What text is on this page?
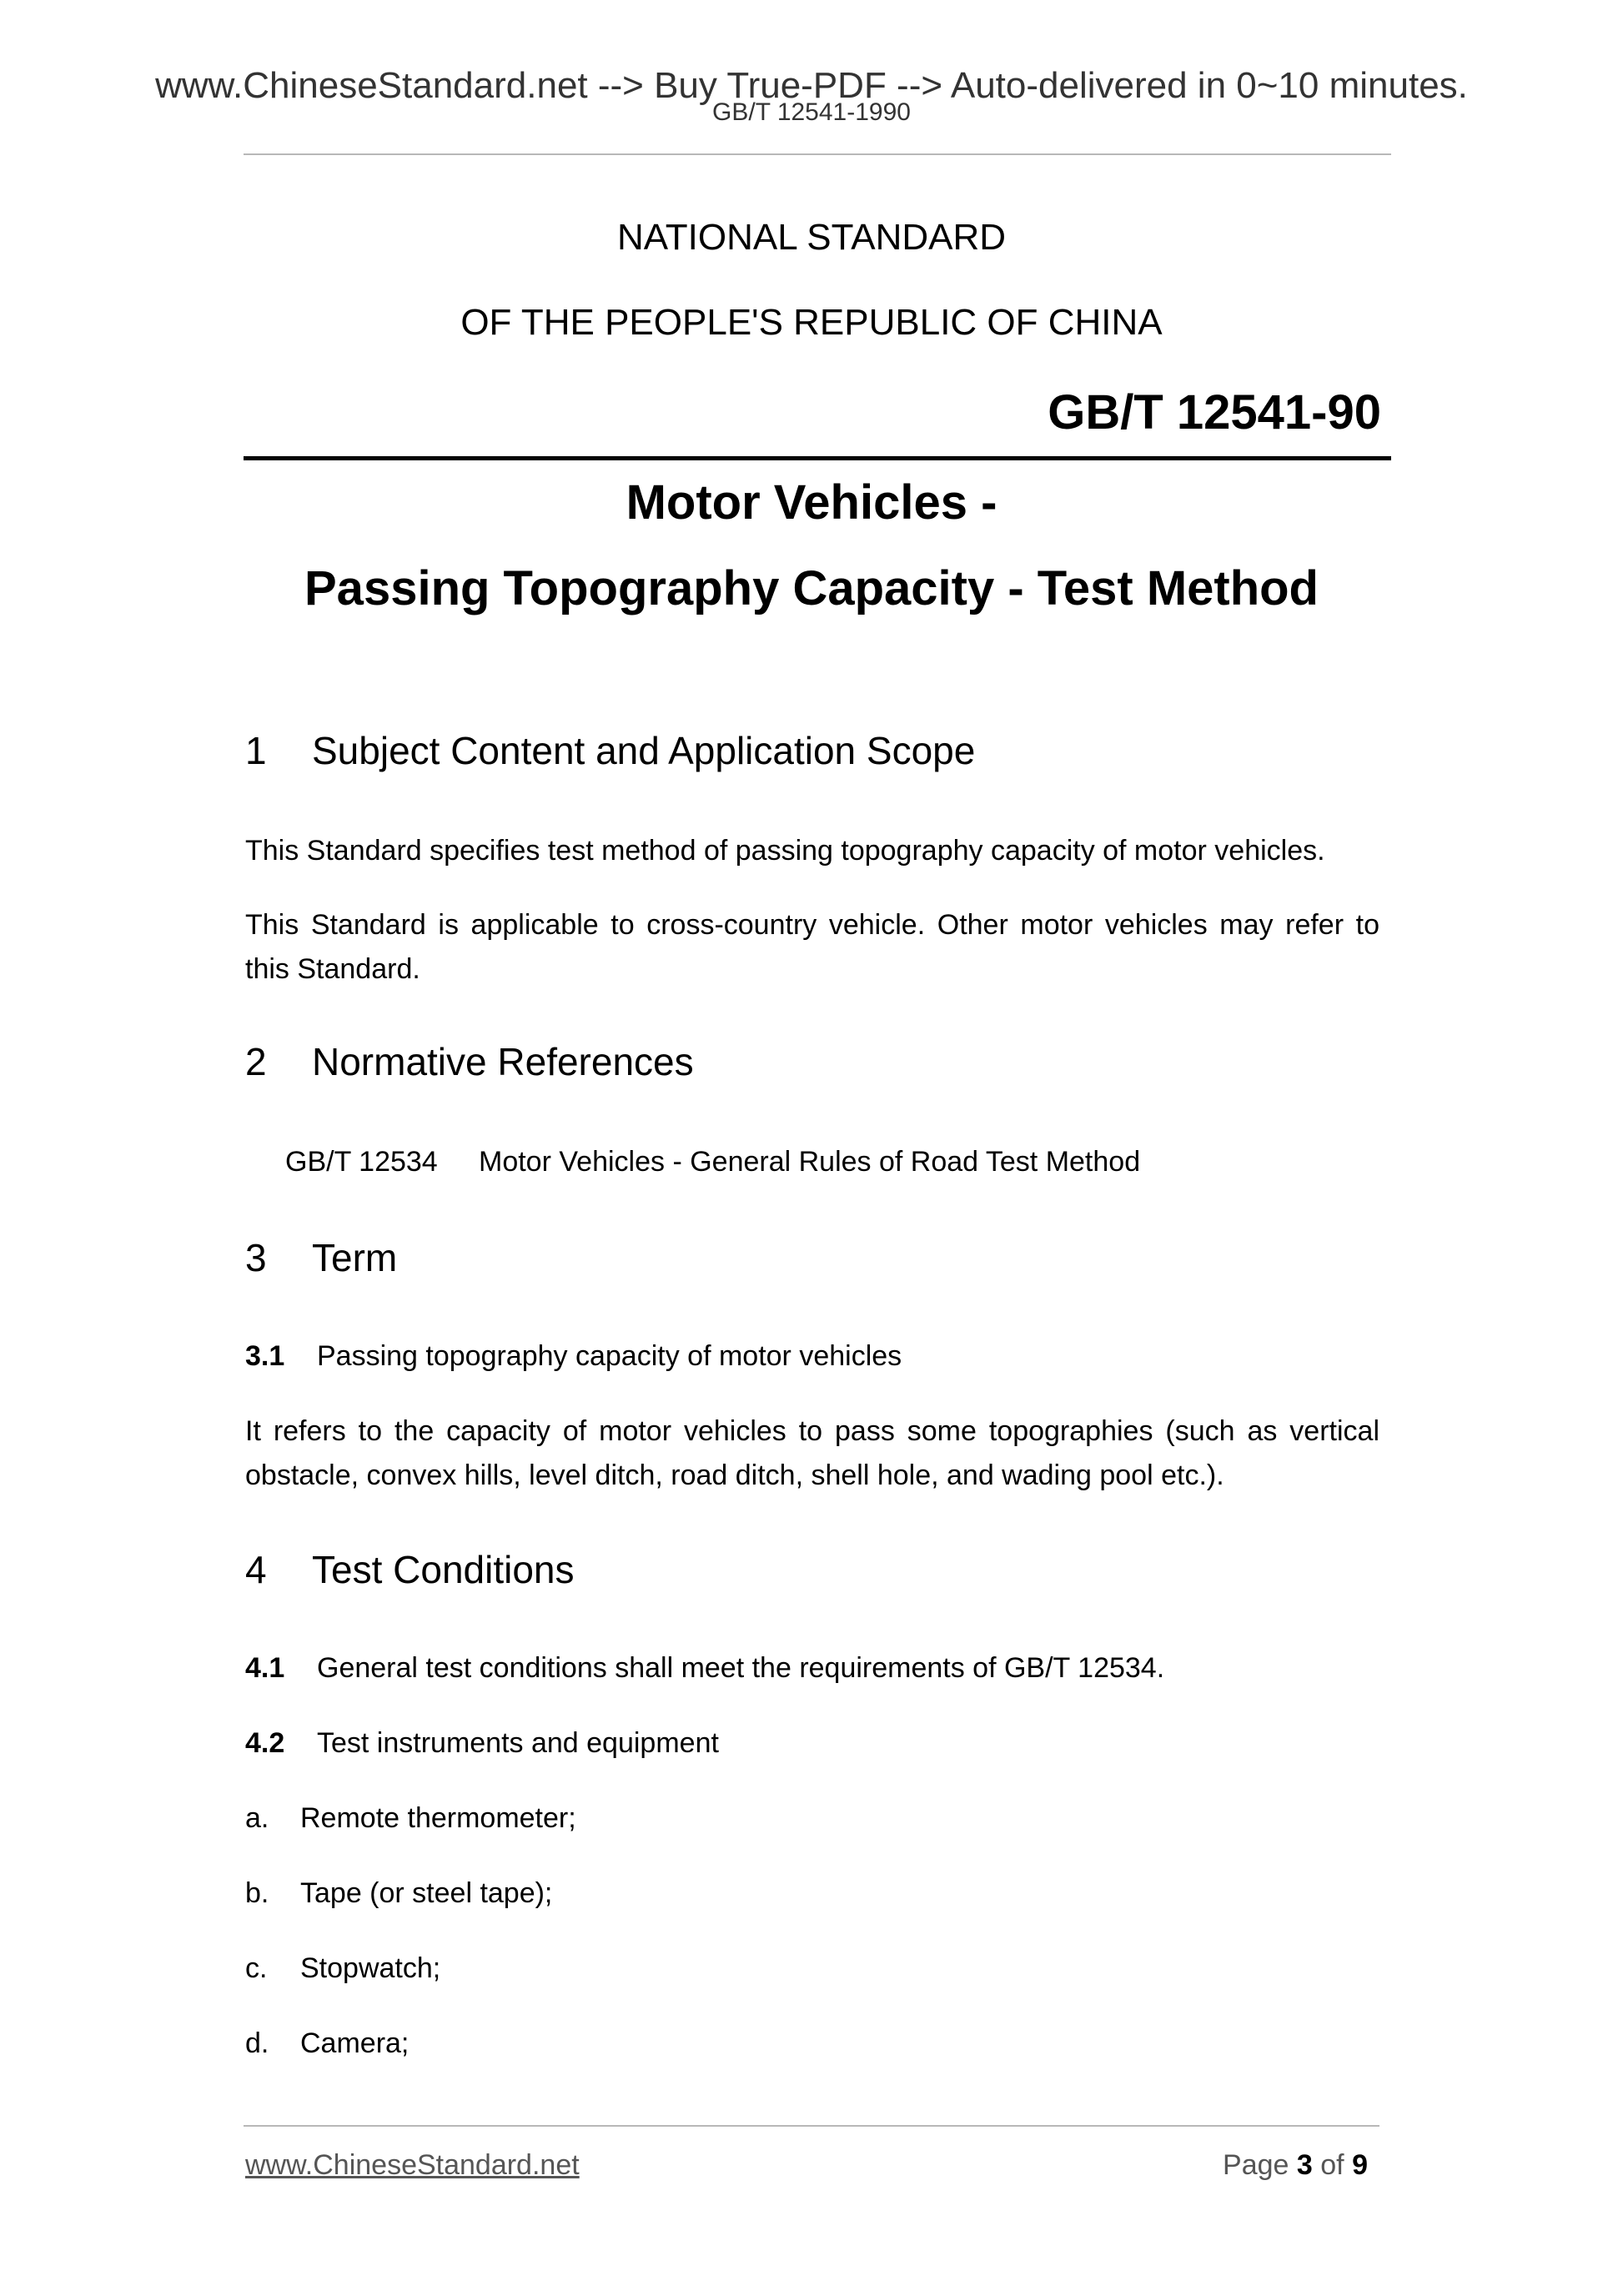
www.ChineseStandard.net --> Buy True-PDF --> Auto-delivered in 0~10 minutes.
GB/T 12541-1990
NATIONAL STANDARD
OF THE PEOPLE'S REPUBLIC OF CHINA
GB/T 12541-90
Motor Vehicles -
Passing Topography Capacity - Test Method
1 Subject Content and Application Scope
This Standard specifies test method of passing topography capacity of motor vehicles.
This Standard is applicable to cross-country vehicle. Other motor vehicles may refer to this Standard.
2 Normative References
GB/T 12534 Motor Vehicles - General Rules of Road Test Method
3 Term
3.1 Passing topography capacity of motor vehicles
It refers to the capacity of motor vehicles to pass some topographies (such as vertical obstacle, convex hills, level ditch, road ditch, shell hole, and wading pool etc.).
4 Test Conditions
4.1 General test conditions shall meet the requirements of GB/T 12534.
4.2 Test instruments and equipment
a. Remote thermometer;
b. Tape (or steel tape);
c. Stopwatch;
d. Camera;
www.ChineseStandard.net	Page 3 of 9
